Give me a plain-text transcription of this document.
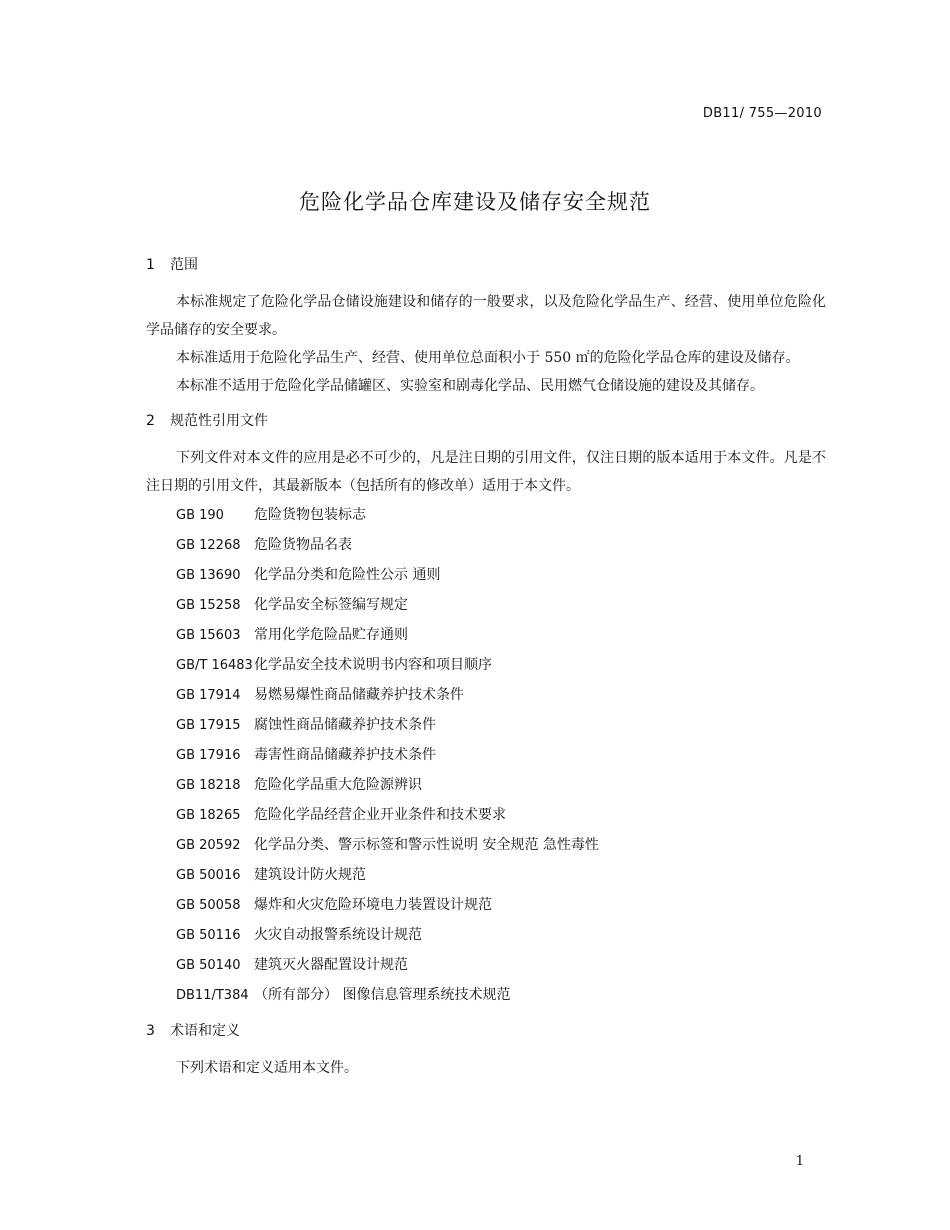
DB11/ 755—2010
危险化学品仓库建设及储存安全规范
1 范围

本标准规定了危险化学品仓储设施建设和储存的一般要求，以及危险化学品生产、经营、使用单位危险化学品储存的安全要求。

本标准适用于危险化学品生产、经营、使用单位总面积小于 550 ㎡的危险化学品仓库的建设及储存。

本标准不适用于危险化学品储罐区、实验室和剧毒化学品、民用燃气仓储设施的建设及其储存。

2 规范性引用文件

下列文件对本文件的应用是必不可少的，凡是注日期的引用文件，仅注日期的版本适用于本文件。凡是不注日期的引用文件，其最新版本（包括所有的修改单）适用于本文件。

GB 190 危险货物包装标志
GB 12268 危险货物品名表
GB 13690 化学品分类和危险性公示 通则
GB 15258 化学品安全标签编写规定
GB 15603 常用化学危险品贮存通则
GB/T 16483化学品安全技术说明书内容和项目顺序
GB 17914 易燃易爆性商品储藏养护技术条件
GB 17915 腐蚀性商品储藏养护技术条件
GB 17916 毒害性商品储藏养护技术条件
GB 18218 危险化学品重大危险源辨识
GB 18265 危险化学品经营企业开业条件和技术要求
GB 20592 化学品分类、警示标签和警示性说明 安全规范 急性毒性
GB 50016 建筑设计防火规范
GB 50058 爆炸和火灾危险环境电力装置设计规范
GB 50116 火灾自动报警系统设计规范
GB 50140 建筑灭火器配置设计规范
DB11/T384 （所有部分） 图像信息管理系统技术规范
3 术语和定义

下列术语和定义适用本文件。

1
